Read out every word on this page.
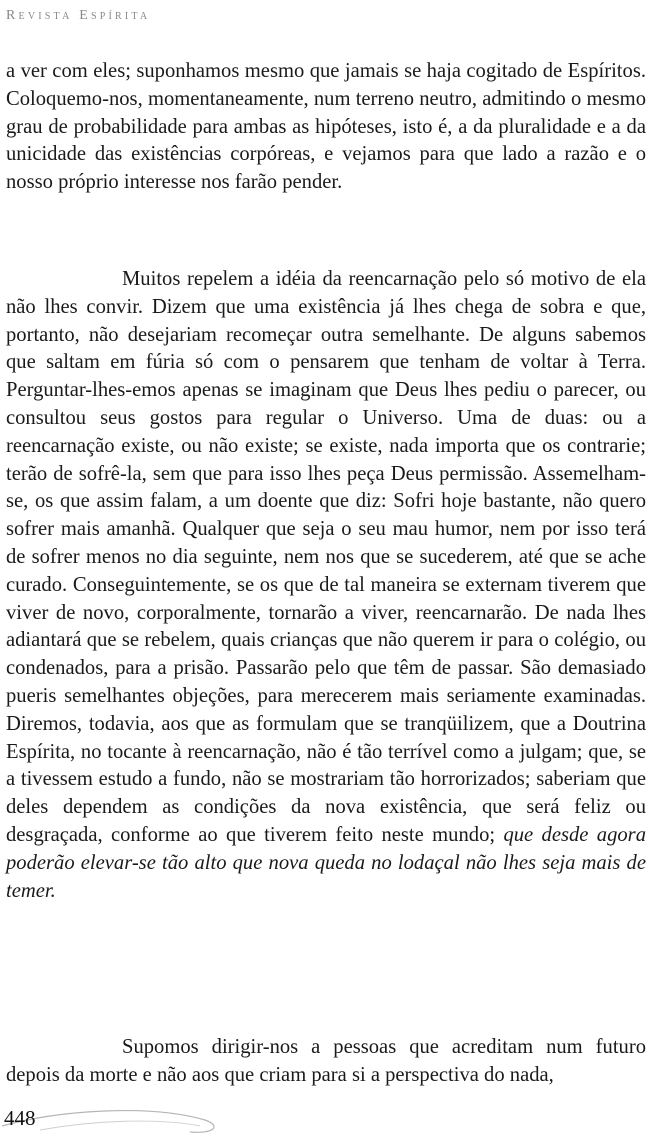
Revista Espírita

a ver com eles; suponhamos mesmo que jamais se haja cogitado de Espíritos. Coloquemo-nos, momentaneamente, num terreno neutro, admitindo o mesmo grau de probabilidade para ambas as hipóteses, isto é, a da pluralidade e a da unicidade das existências corpóreas, e vejamos para que lado a razão e o nosso próprio interesse nos farão pender.

Muitos repelem a idéia da reencarnação pelo só motivo de ela não lhes convir. Dizem que uma existência já lhes chega de sobra e que, portanto, não desejariam recomeçar outra semelhante. De alguns sabemos que saltam em fúria só com o pensarem que tenham de voltar à Terra. Perguntar-lhes-emos apenas se imaginam que Deus lhes pediu o parecer, ou consultou seus gostos para regular o Universo. Uma de duas: ou a reencarnação existe, ou não existe; se existe, nada importa que os contrarie; terão de sofrê-la, sem que para isso lhes peça Deus permissão. Assemelham-se, os que assim falam, a um doente que diz: Sofri hoje bastante, não quero sofrer mais amanhã. Qualquer que seja o seu mau humor, nem por isso terá de sofrer menos no dia seguinte, nem nos que se sucederem, até que se ache curado. Conseguintemente, se os que de tal maneira se externam tiverem que viver de novo, corporalmente, tornarão a viver, reencarnarão. De nada lhes adiantará que se rebelem, quais crianças que não querem ir para o colégio, ou condenados, para a prisão. Passarão pelo que têm de passar. São demasiado pueris semelhantes objeções, para merecerem mais seriamente examinadas. Diremos, todavia, aos que as formulam que se tranqüilizem, que a Doutrina Espírita, no tocante à reencarnação, não é tão terrível como a julgam; que, se a tivessem estudo a fundo, não se mostrariam tão horrorizados; saberiam que deles dependem as condições da nova existência, que será feliz ou desgraçada, conforme ao que tiverem feito neste mundo; que desde agora poderão elevar-se tão alto que nova queda no lodaçal não lhes seja mais de temer.

Supomos dirigir-nos a pessoas que acreditam num futuro depois da morte e não aos que criam para si a perspectiva do nada,

448
